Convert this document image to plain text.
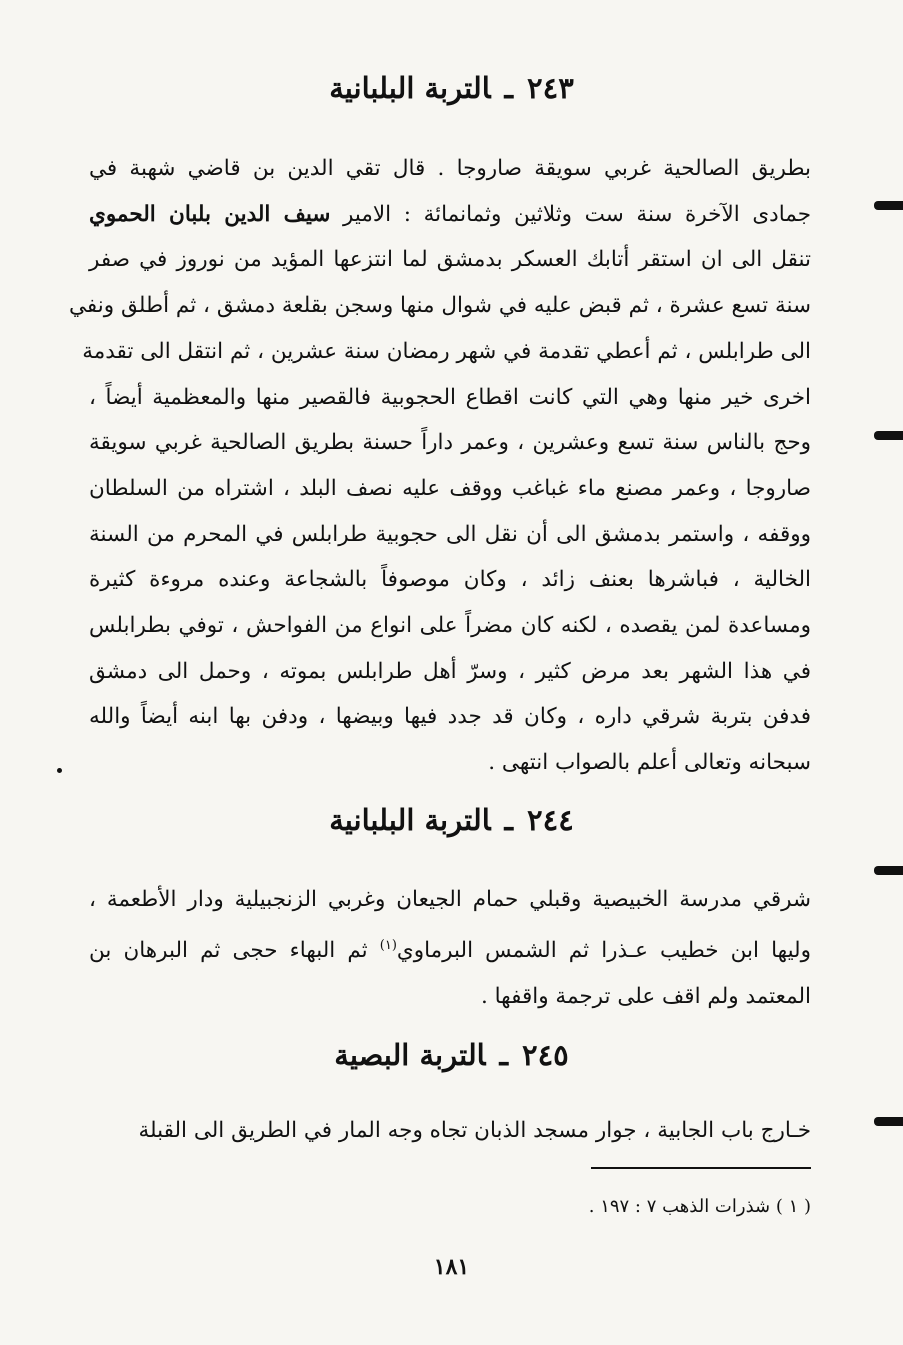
٢٤٣ـالتربة البلبانية
بطريق الصالحية غربي سويقة صاروجا . قال تقي الدين بن قاضي شهبة في
جمادى الآخرة سنة ست وثلاثين وثمانمائة : الامير سيف الدين بلبان الحموي
تنقل الى ان استقر أتابك العسكر بدمشق لما انتزعها المؤيد من نوروز في صفر
سنة تسع عشرة ، ثم قبض عليه في شوال منها وسجن بقلعة دمشق ، ثم أطلق ونفي
الى طرابلس ، ثم أعطي تقدمة في شهر رمضان سنة عشرين ، ثم انتقل الى تقدمة
اخرى خير منها وهي التي كانت اقطاع الحجوبية فالقصير منها والمعظمية أيضاً ،
وحج بالناس سنة تسع وعشرين ، وعمر داراً حسنة بطريق الصالحية غربي سويقة
صاروجا ، وعمر مصنع ماء غباغب ووقف عليه نصف البلد ، اشتراه من السلطان
ووقفه ، واستمر بدمشق الى أن نقل الى حجوبية طرابلس في المحرم من السنة
الخالية ، فباشرها بعنف زائد ، وكان موصوفاً بالشجاعة وعنده مروءة كثيرة
ومساعدة لمن يقصده ، لكنه كان مضراً على انواع من الفواحش ، توفي بطرابلس
في هذا الشهر بعد مرض كثير ، وسرّ أهل طرابلس بموته ، وحمل الى دمشق
فدفن بتربة شرقي داره ، وكان قد جدد فيها وبيضها ، ودفن بها ابنه أيضاً والله
سبحانه وتعالى أعلم بالصواب انتهى .
٢٤٤ـالتربة البلبانية
شرقي مدرسة الخبيصية وقبلي حمام الجيعان وغربي الزنجبيلية ودار الأطعمة ،
وليها ابن خطيب عـذرا ثم الشمس البرماوي$^{(١)}$ ثم البهاء حجى ثم البرهان بن
المعتمد ولم اقف على ترجمة واقفها .
٢٤٥ـالتربة البصية
خـارج باب الجابية ، جوار مسجد الذبان تجاه وجه المار في الطريق الى القبلة
( ١ ) شذرات الذهب ٧ : ١٩٧ .
١٨١
